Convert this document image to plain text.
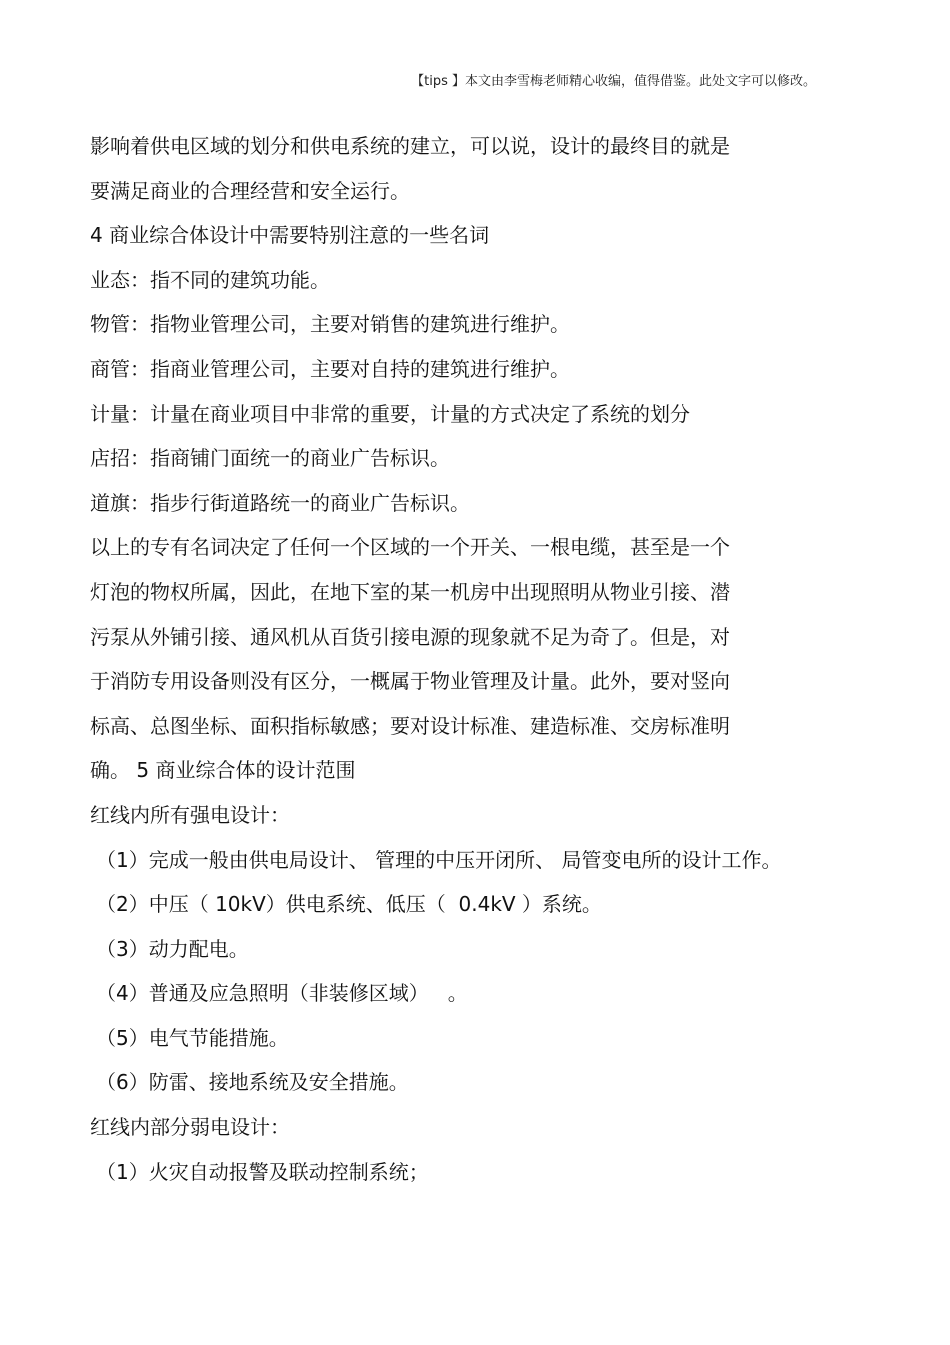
【tips 】本文由李雪梅老师精心收编，值得借鉴。此处文字可以修改。
影响着供电区域的划分和供电系统的建立，可以说，设计的最终目的就是
要满足商业的合理经营和安全运行。
4 商业综合体设计中需要特别注意的一些名词
业态：指不同的建筑功能。
物管：指物业管理公司，主要对销售的建筑进行维护。
商管：指商业管理公司，主要对自持的建筑进行维护。
计量：计量在商业项目中非常的重要，计量的方式决定了系统的划分
店招：指商铺门面统一的商业广告标识。
道旗：指步行街道路统一的商业广告标识。
以上的专有名词决定了任何一个区域的一个开关、一根电缆，甚至是一个
灯泡的物权所属，因此，在地下室的某一机房中出现照明从物业引接、潜
污泵从外铺引接、通风机从百货引接电源的现象就不足为奇了。但是，对
于消防专用设备则没有区分，一概属于物业管理及计量。此外，要对竖向
标高、总图坐标、面积指标敏感；要对设计标准、建造标准、交房标准明
确。 5 商业综合体的设计范围
红线内所有强电设计：
（1）完成一般由供电局设计、 管理的中压开闭所、 局管变电所的设计工作。
（2）中压（ 10kV）供电系统、低压（  0.4kV ）系统。
（3）动力配电。
（4）普通及应急照明（非装修区域）   。
（5）电气节能措施。
（6）防雷、接地系统及安全措施。
红线内部分弱电设计：
（1）火灾自动报警及联动控制系统；
